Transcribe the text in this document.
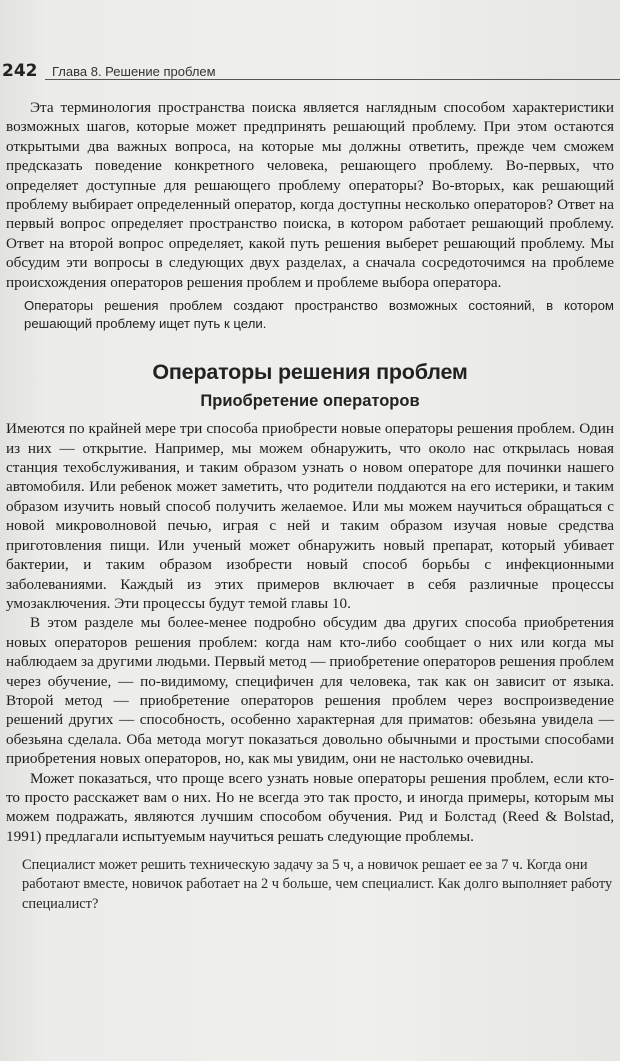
242 Глава 8. Решение проблем

Эта терминология пространства поиска является наглядным способом характеристики возможных шагов, которые может предпринять решающий проблему. При этом остаются открытыми два важных вопроса, на которые мы должны ответить, прежде чем сможем предсказать поведение конкретного человека, решающего проблему. Во-первых, что определяет доступные для решающего проблему операторы? Во-вторых, как решающий проблему выбирает определенный оператор, когда доступны несколько операторов? Ответ на первый вопрос определяет пространство поиска, в котором работает решающий проблему. Ответ на второй вопрос определяет, какой путь решения выберет решающий проблему. Мы обсудим эти вопросы в следующих двух разделах, а сначала сосредоточимся на проблеме происхождения операторов решения проблем и проблеме выбора оператора.

Операторы решения проблем создают пространство возможных состояний, в котором решающий проблему ищет путь к цели.

Операторы решения проблем
Приобретение операторов

Имеются по крайней мере три способа приобрести новые операторы решения проблем. Один из них — открытие. Например, мы можем обнаружить, что около нас открылась новая станция техобслуживания, и таким образом узнать о новом операторе для починки нашего автомобиля. Или ребенок может заметить, что родители поддаются на его истерики, и таким образом изучить новый способ получить желаемое. Или мы можем научиться обращаться с новой микроволновой печью, играя с ней и таким образом изучая новые средства приготовления пищи. Или ученый может обнаружить новый препарат, который убивает бактерии, и таким образом изобрести новый способ борьбы с инфекционными заболеваниями. Каждый из этих примеров включает в себя различные процессы умозаключения. Эти процессы будут темой главы 10.

В этом разделе мы более-менее подробно обсудим два других способа приобретения новых операторов решения проблем: когда нам кто-либо сообщает о них или когда мы наблюдаем за другими людьми. Первый метод — приобретение операторов решения проблем через обучение, — по-видимому, специфичен для человека, так как он зависит от языка. Второй метод — приобретение операторов решения проблем через воспроизведение решений других — способность, особенно характерная для приматов: обезьяна увидела — обезьяна сделала. Оба метода могут показаться довольно обычными и простыми способами приобретения новых операторов, но, как мы увидим, они не настолько очевидны.

Может показаться, что проще всего узнать новые операторы решения проблем, если кто-то просто расскажет вам о них. Но не всегда это так просто, и иногда примеры, которым мы можем подражать, являются лучшим способом обучения. Рид и Болстад (Reed & Bolstad, 1991) предлагали испытуемым научиться решать следующие проблемы.

Специалист может решить техническую задачу за 5 ч, а новичок решает ее за 7 ч. Когда они работают вместе, новичок работает на 2 ч больше, чем специалист. Как долго выполняет работу специалист?
